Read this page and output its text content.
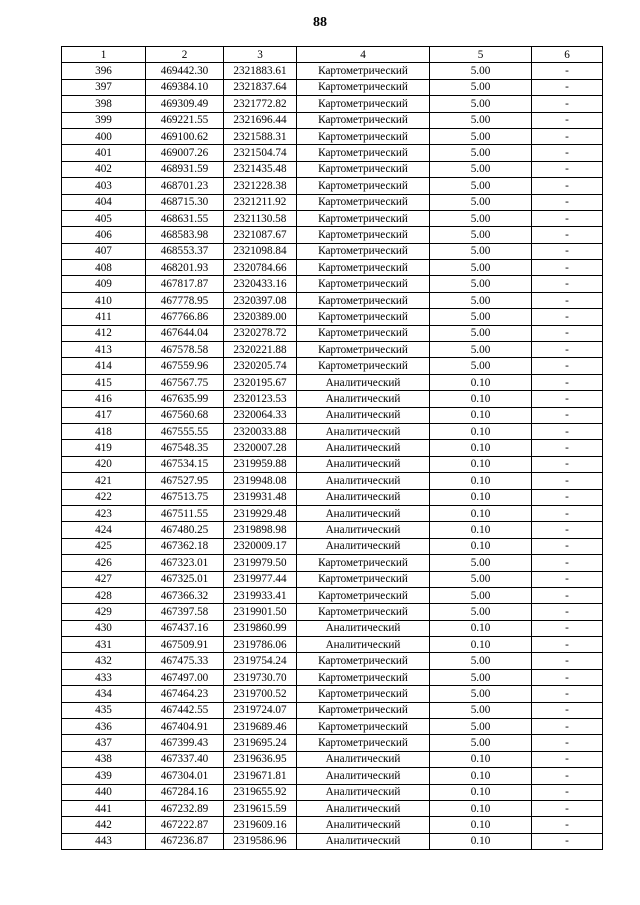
88
1	2	3	4	5	6
396	469442.30	2321883.61	Картометрический	5.00	-
397	469384.10	2321837.64	Картометрический	5.00	-
398	469309.49	2321772.82	Картометрический	5.00	-
399	469221.55	2321696.44	Картометрический	5.00	-
400	469100.62	2321588.31	Картометрический	5.00	-
401	469007.26	2321504.74	Картометрический	5.00	-
402	468931.59	2321435.48	Картометрический	5.00	-
403	468701.23	2321228.38	Картометрический	5.00	-
404	468715.30	2321211.92	Картометрический	5.00	-
405	468631.55	2321130.58	Картометрический	5.00	-
406	468583.98	2321087.67	Картометрический	5.00	-
407	468553.37	2321098.84	Картометрический	5.00	-
408	468201.93	2320784.66	Картометрический	5.00	-
409	467817.87	2320433.16	Картометрический	5.00	-
410	467778.95	2320397.08	Картометрический	5.00	-
411	467766.86	2320389.00	Картометрический	5.00	-
412	467644.04	2320278.72	Картометрический	5.00	-
413	467578.58	2320221.88	Картометрический	5.00	-
414	467559.96	2320205.74	Картометрический	5.00	-
415	467567.75	2320195.67	Аналитический	0.10	-
416	467635.99	2320123.53	Аналитический	0.10	-
417	467560.68	2320064.33	Аналитический	0.10	-
418	467555.55	2320033.88	Аналитический	0.10	-
419	467548.35	2320007.28	Аналитический	0.10	-
420	467534.15	2319959.88	Аналитический	0.10	-
421	467527.95	2319948.08	Аналитический	0.10	-
422	467513.75	2319931.48	Аналитический	0.10	-
423	467511.55	2319929.48	Аналитический	0.10	-
424	467480.25	2319898.98	Аналитический	0.10	-
425	467362.18	2320009.17	Аналитический	0.10	-
426	467323.01	2319979.50	Картометрический	5.00	-
427	467325.01	2319977.44	Картометрический	5.00	-
428	467366.32	2319933.41	Картометрический	5.00	-
429	467397.58	2319901.50	Картометрический	5.00	-
430	467437.16	2319860.99	Аналитический	0.10	-
431	467509.91	2319786.06	Аналитический	0.10	-
432	467475.33	2319754.24	Картометрический	5.00	-
433	467497.00	2319730.70	Картометрический	5.00	-
434	467464.23	2319700.52	Картометрический	5.00	-
435	467442.55	2319724.07	Картометрический	5.00	-
436	467404.91	2319689.46	Картометрический	5.00	-
437	467399.43	2319695.24	Картометрический	5.00	-
438	467337.40	2319636.95	Аналитический	0.10	-
439	467304.01	2319671.81	Аналитический	0.10	-
440	467284.16	2319655.92	Аналитический	0.10	-
441	467232.89	2319615.59	Аналитический	0.10	-
442	467222.87	2319609.16	Аналитический	0.10	-
443	467236.87	2319586.96	Аналитический	0.10	-
